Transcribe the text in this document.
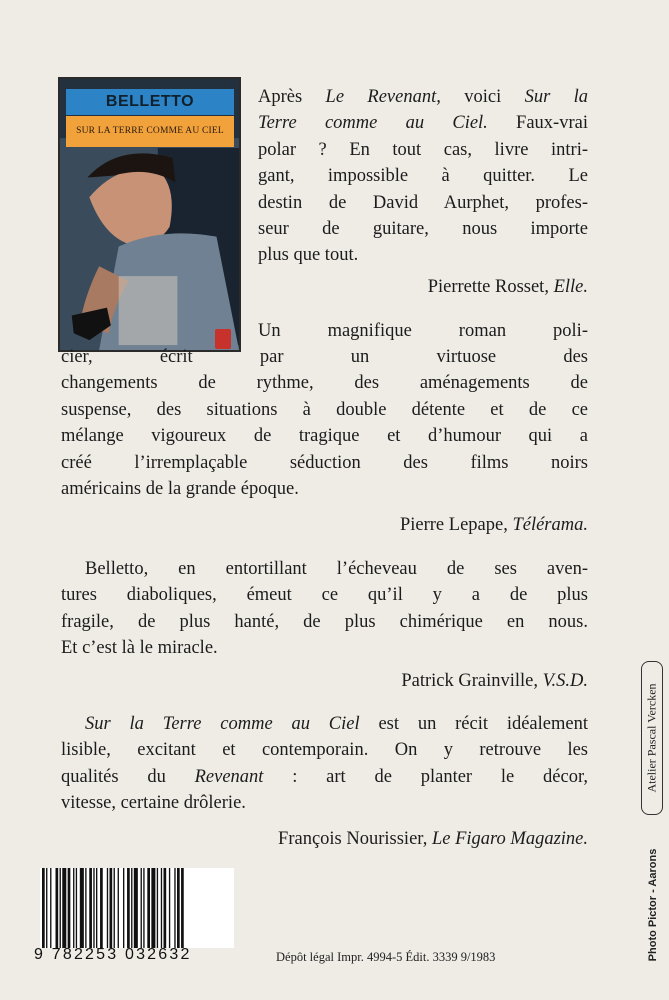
BELLETTO
SUR LA TERRE COMME AU CIEL
Après Le Revenant, voici Sur la
Terre comme au Ciel. Faux-vrai
polar ? En tout cas, livre intri-
gant, impossible à quitter. Le
destin de David Aurphet, profes-
seur de guitare, nous importe
plus que tout.
Pierrette Rosset, Elle.
Un magnifique roman poli-
cier, écrit par un virtuose des
changements de rythme, des aménagements de
suspense, des situations à double détente et de ce
mélange vigoureux de tragique et d’humour qui a
créé l’irremplaçable séduction des films noirs
américains de la grande époque.
Pierre Lepape, Télérama.
Belletto, en entortillant l’écheveau de ses aven-
tures diaboliques, émeut ce qu’il y a de plus
fragile, de plus hanté, de plus chimérique en nous.
Et c’est là le miracle.
Patrick Grainville, V.S.D.
Sur la Terre comme au Ciel est un récit idéalement
lisible, excitant et contemporain. On y retrouve les
qualités du Revenant : art de planter le décor,
vitesse, certaine drôlerie.
François Nourissier, Le Figaro Magazine.
9 782253 032632	Dépôt légal Impr. 4994-5 Édit. 3339 9/1983
Atelier Pascal Vercken
Photo Pictor - Aarons
